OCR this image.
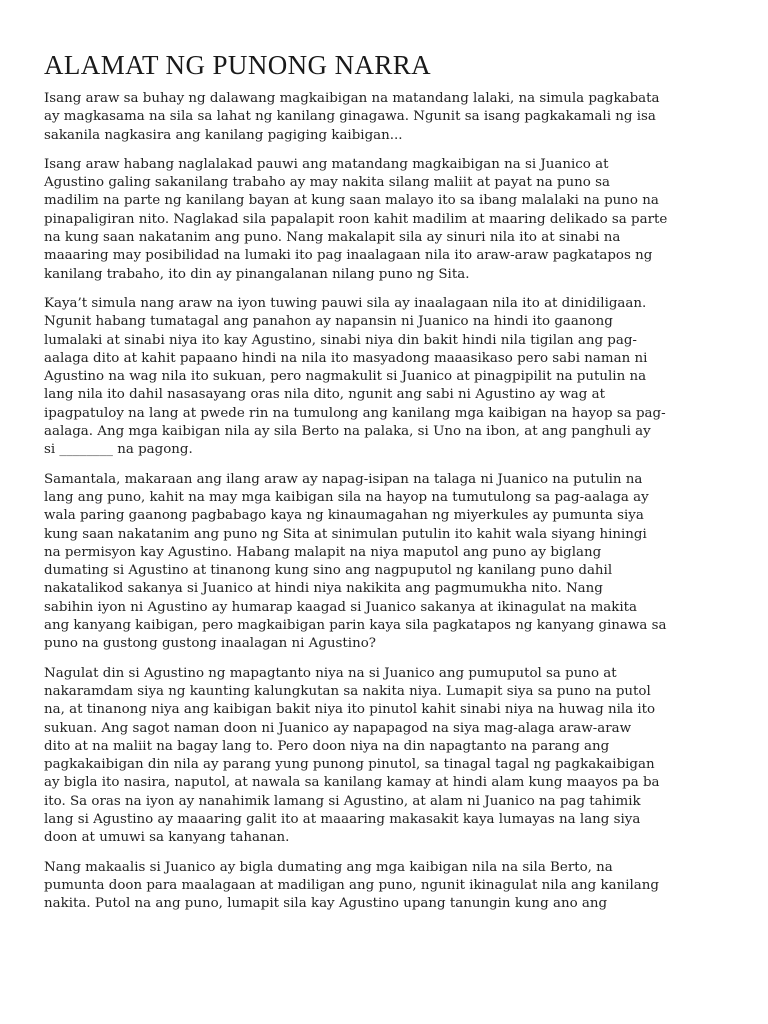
ALAMAT NG PUNONG NARRA

Isang araw sa buhay ng dalawang magkaibigan na matandang lalaki, na simula pagkabata
ay magkasama na sila sa lahat ng kanilang ginagawa. Ngunit sa isang pagkakamali ng isa
sakanila nagkasira ang kanilang pagiging kaibigan...

Isang araw habang naglalakad pauwi ang matandang magkaibigan na si Juanico at
Agustino galing sakanilang trabaho ay may nakita silang maliit at payat na puno sa
madilim na parte ng kanilang bayan at kung saan malayo ito sa ibang malalaki na puno na
pinapaligiran nito. Naglakad sila papalapit roon kahit madilim at maaring delikado sa parte
na kung saan nakatanim ang puno. Nang makalapit sila ay sinuri nila ito at sinabi na
maaaring may posibilidad na lumaki ito pag inaalagaan nila ito araw-araw pagkatapos ng
kanilang trabaho, ito din ay pinangalanan nilang puno ng Sita.

Kaya’t simula nang araw na iyon tuwing pauwi sila ay inaalagaan nila ito at dinidiligaan.
Ngunit habang tumatagal ang panahon ay napansin ni Juanico na hindi ito gaanong
lumalaki at sinabi niya ito kay Agustino, sinabi niya din bakit hindi nila tigilan ang pag-
aalaga dito at kahit papaano hindi na nila ito masyadong maaasikaso pero sabi naman ni
Agustino na wag nila ito sukuan, pero nagmakulit si Juanico at pinagpipilit na putulin na
lang nila ito dahil nasasayang oras nila dito, ngunit ang sabi ni Agustino ay wag at
ipagpatuloy na lang at pwede rin na tumulong ang kanilang mga kaibigan na hayop sa pag-
aalaga. Ang mga kaibigan nila ay sila Berto na palaka, si Uno na ibon, at ang panghuli ay
si ________ na pagong.

Samantala, makaraan ang ilang araw ay napag-isipan na talaga ni Juanico na putulin na
lang ang puno, kahit na may mga kaibigan sila na hayop na tumutulong sa pag-aalaga ay
wala paring gaanong pagbabago kaya ng kinaumagahan ng miyerkules ay pumunta siya
kung saan nakatanim ang puno ng Sita at sinimulan putulin ito kahit wala siyang hiningi
na permisyon kay Agustino. Habang malapit na niya maputol ang puno ay biglang
dumating si Agustino at tinanong kung sino ang nagpuputol ng kanilang puno dahil
nakatalikod sakanya si Juanico at hindi niya nakikita ang pagmumukha nito. Nang
sabihin iyon ni Agustino ay humarap kaagad si Juanico sakanya at ikinagulat na makita
ang kanyang kaibigan, pero magkaibigan parin kaya sila pagkatapos ng kanyang ginawa sa
puno na gustong gustong inaalagan ni Agustino?

Nagulat din si Agustino ng mapagtanto niya na si Juanico ang pumuputol sa puno at
nakaramdam siya ng kaunting kalungkutan sa nakita niya. Lumapit siya sa puno na putol
na, at tinanong niya ang kaibigan bakit niya ito pinutol kahit sinabi niya na huwag nila ito
sukuan. Ang sagot naman doon ni Juanico ay napapagod na siya mag-alaga araw-araw
dito at na maliit na bagay lang to. Pero doon niya na din napagtanto na parang ang
pagkakaibigan din nila ay parang yung punong pinutol, sa tinagal tagal ng pagkakaibigan
ay bigla ito nasira, naputol, at nawala sa kanilang kamay at hindi alam kung maayos pa ba
ito. Sa oras na iyon ay nanahimik lamang si Agustino, at alam ni Juanico na pag tahimik
lang si Agustino ay maaaring galit ito at maaaring makasakit kaya lumayas na lang siya
doon at umuwi sa kanyang tahanan.

Nang makaalis si Juanico ay bigla dumating ang mga kaibigan nila na sila Berto, na
pumunta doon para maalagaan at madiligan ang puno, ngunit ikinagulat nila ang kanilang
nakita. Putol na ang puno, lumapit sila kay Agustino upang tanungin kung ano ang
